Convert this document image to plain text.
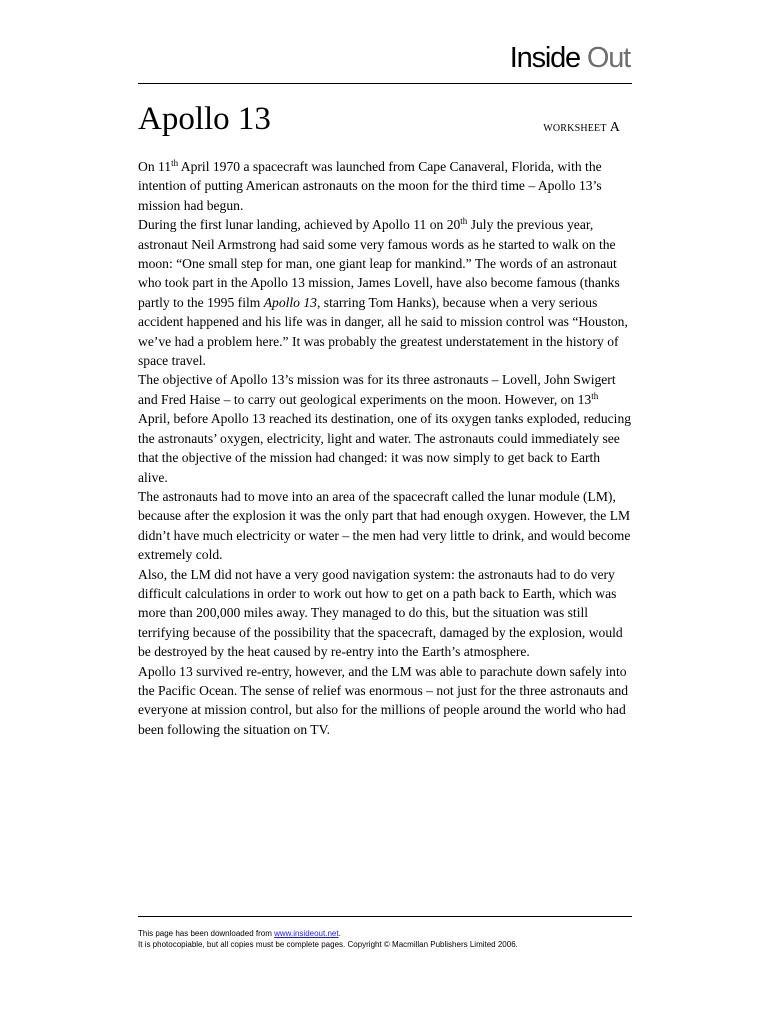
Inside Out
Apollo 13	WORKSHEET A

On 11th April 1970 a spacecraft was launched from Cape Canaveral, Florida, with the intention of putting American astronauts on the moon for the third time – Apollo 13’s mission had begun.

During the first lunar landing, achieved by Apollo 11 on 20th July the previous year, astronaut Neil Armstrong had said some very famous words as he started to walk on the moon: “One small step for man, one giant leap for mankind.” The words of an astronaut who took part in the Apollo 13 mission, James Lovell, have also become famous (thanks partly to the 1995 film Apollo 13, starring Tom Hanks), because when a very serious accident happened and his life was in danger, all he said to mission control was “Houston, we’ve had a problem here.” It was probably the greatest understatement in the history of space travel.

The objective of Apollo 13’s mission was for its three astronauts – Lovell, John Swigert and Fred Haise – to carry out geological experiments on the moon. However, on 13th April, before Apollo 13 reached its destination, one of its oxygen tanks exploded, reducing the astronauts’ oxygen, electricity, light and water. The astronauts could immediately see that the objective of the mission had changed: it was now simply to get back to Earth alive.

The astronauts had to move into an area of the spacecraft called the lunar module (LM), because after the explosion it was the only part that had enough oxygen. However, the LM didn’t have much electricity or water – the men had very little to drink, and would become extremely cold.

Also, the LM did not have a very good navigation system: the astronauts had to do very difficult calculations in order to work out how to get on a path back to Earth, which was more than 200,000 miles away. They managed to do this, but the situation was still terrifying because of the possibility that the spacecraft, damaged by the explosion, would be destroyed by the heat caused by re-entry into the Earth’s atmosphere.

Apollo 13 survived re-entry, however, and the LM was able to parachute down safely into the Pacific Ocean. The sense of relief was enormous – not just for the three astronauts and everyone at mission control, but also for the millions of people around the world who had been following the situation on TV.

This page has been downloaded from www.insideout.net.
It is photocopiable, but all copies must be complete pages. Copyright © Macmillan Publishers Limited 2006.
